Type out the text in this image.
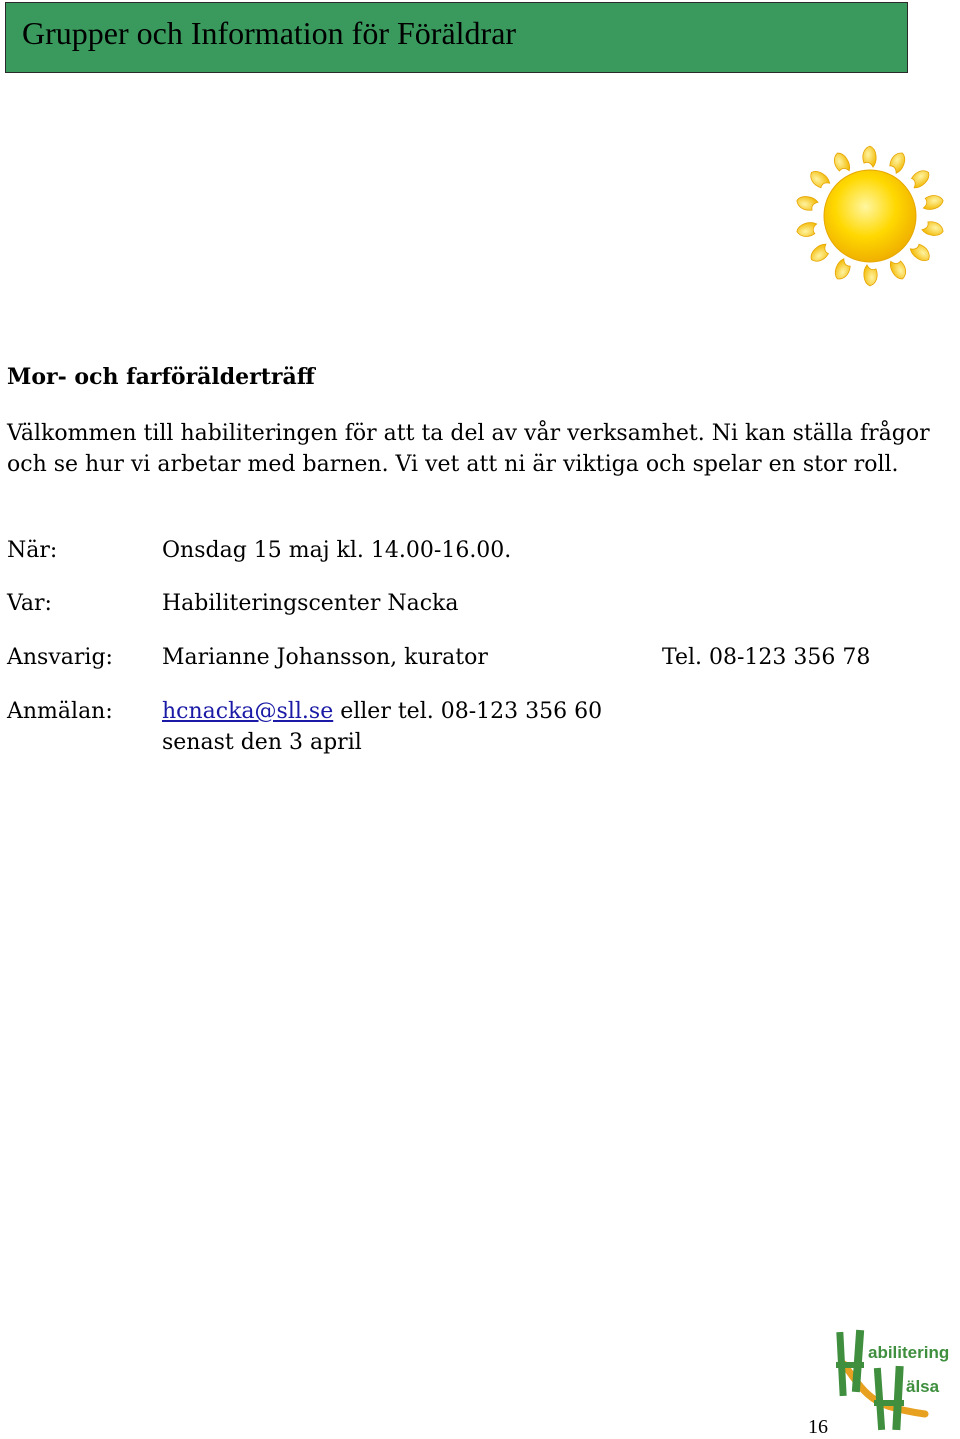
Grupper och Information för Föräldrar
Mor- och farförälderträff
Välkommen till habiliteringen för att ta del av vår verksamhet. Ni kan ställa frågor och se hur vi arbetar med barnen. Vi vet att ni är viktiga och spelar en stor roll.
När:	Onsdag 15 maj kl. 14.00-16.00.
Var:	Habiliteringscenter Nacka
Ansvarig: Marianne Johansson, kurator	Tel. 08-123 356 78
Anmälan: hcnacka@sll.se eller tel. 08-123 356 60
senast den 3 april
abilitering
älsa
16
